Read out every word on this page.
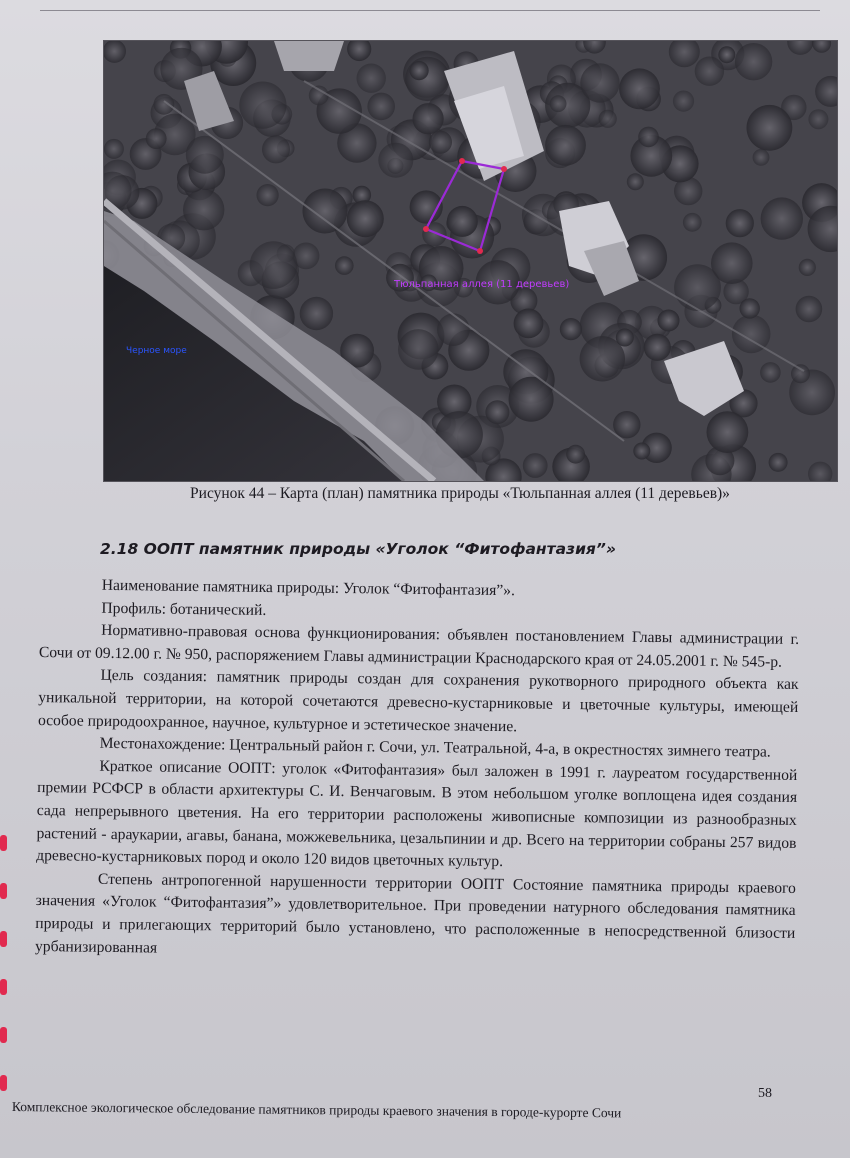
Тюльпанная аллея (11 деревьев)
Черное море
Рисунок 44 – Карта (план) памятника природы «Тюльпанная аллея (11 деревьев)»
2.18 ООПТ памятник природы «Уголок “Фитофантазия”»

Наименование памятника природы: Уголок “Фитофантазия”».

Профиль: ботанический.

Нормативно-правовая основа функционирования: объявлен постановлением Главы администрации г. Сочи от 09.12.00 г. № 950, распоряжением Главы администрации Краснодарского края от 24.05.2001 г. № 545-р.

Цель создания: памятник природы создан для сохранения рукотворного природного объекта как уникальной территории, на которой сочетаются древесно-кустарниковые и цветочные культуры, имеющей особое природоохранное, научное, культурное и эстетическое значение.

Местонахождение: Центральный район г. Сочи, ул. Театральной, 4-а, в окрестностях зимнего театра.

Краткое описание ООПТ: уголок «Фитофантазия» был заложен в 1991 г. лауреатом государственной премии РСФСР в области архитектуры С. И. Венчаговым. В этом небольшом уголке воплощена идея создания сада непрерывного цветения. На его территории расположены живописные композиции из разнообразных растений - араукарии, агавы, банана, можжевельника, цезальпинии и др. Всего на территории собраны 257 видов древесно-кустарниковых пород и около 120 видов цветочных культур.

Степень антропогенной нарушенности территории ООПТ Состояние памятника природы краевого значения «Уголок “Фитофантазия”» удовлетворительное. При проведении натурного обследования памятника природы и прилегающих территорий было установлено, что расположенные в непосредственной близости урбанизированная

58
Комплексное экологическое обследование памятников природы краевого значения в городе-курорте Сочи
